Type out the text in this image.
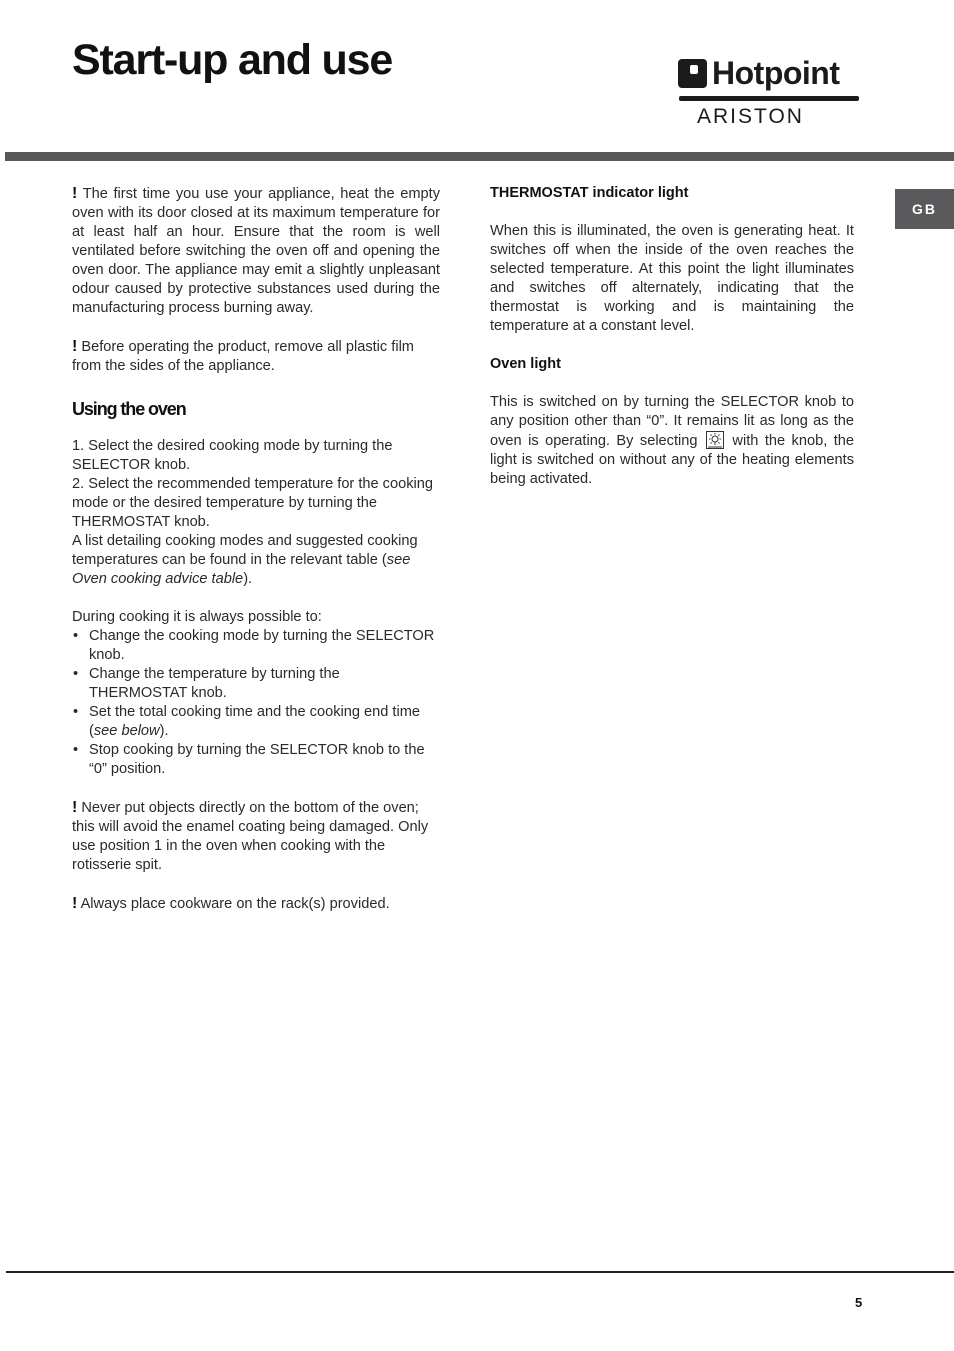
Start-up and use	Hotpoint
ARISTON
GB

! The first time you use your appliance, heat the empty oven with its door closed at its maximum temperature for at least half an hour. Ensure that the room is well ventilated before switching the oven off and opening the oven door. The appliance may emit a slightly unpleasant odour caused by protective substances used during the manufacturing process burning away.

! Before operating the product, remove all plastic film from the sides of the appliance.

Using the oven

1. Select the desired cooking mode by turning the SELECTOR knob.

2. Select the recommended temperature for the cooking mode or the desired temperature by turning the THERMOSTAT knob.

A list detailing cooking modes and suggested cooking temperatures can be found in the relevant table (see Oven cooking advice table).

During cooking it is always possible to:

• Change the cooking mode by turning the SELECTOR knob.
• Change the temperature by turning the THERMOSTAT knob.
• Set the total cooking time and the cooking end time (see below).
• Stop cooking by turning the SELECTOR knob to the “0” position.

! Never put objects directly on the bottom of the oven; this will avoid the enamel coating being damaged. Only use position 1 in the oven when cooking with the rotisserie spit.

! Always place cookware on the rack(s) provided.

THERMOSTAT indicator light

When this is illuminated, the oven is generating heat. It switches off when the inside of the oven reaches the selected temperature. At this point the light illuminates and switches off alternately, indicating that the thermostat is working and is maintaining the temperature at a constant level.

Oven light

This is switched on by turning the SELECTOR knob to any position other than “0”. It remains lit as long as the oven is operating. By selecting with the knob, the light is switched on without any of the heating elements being activated.

5
